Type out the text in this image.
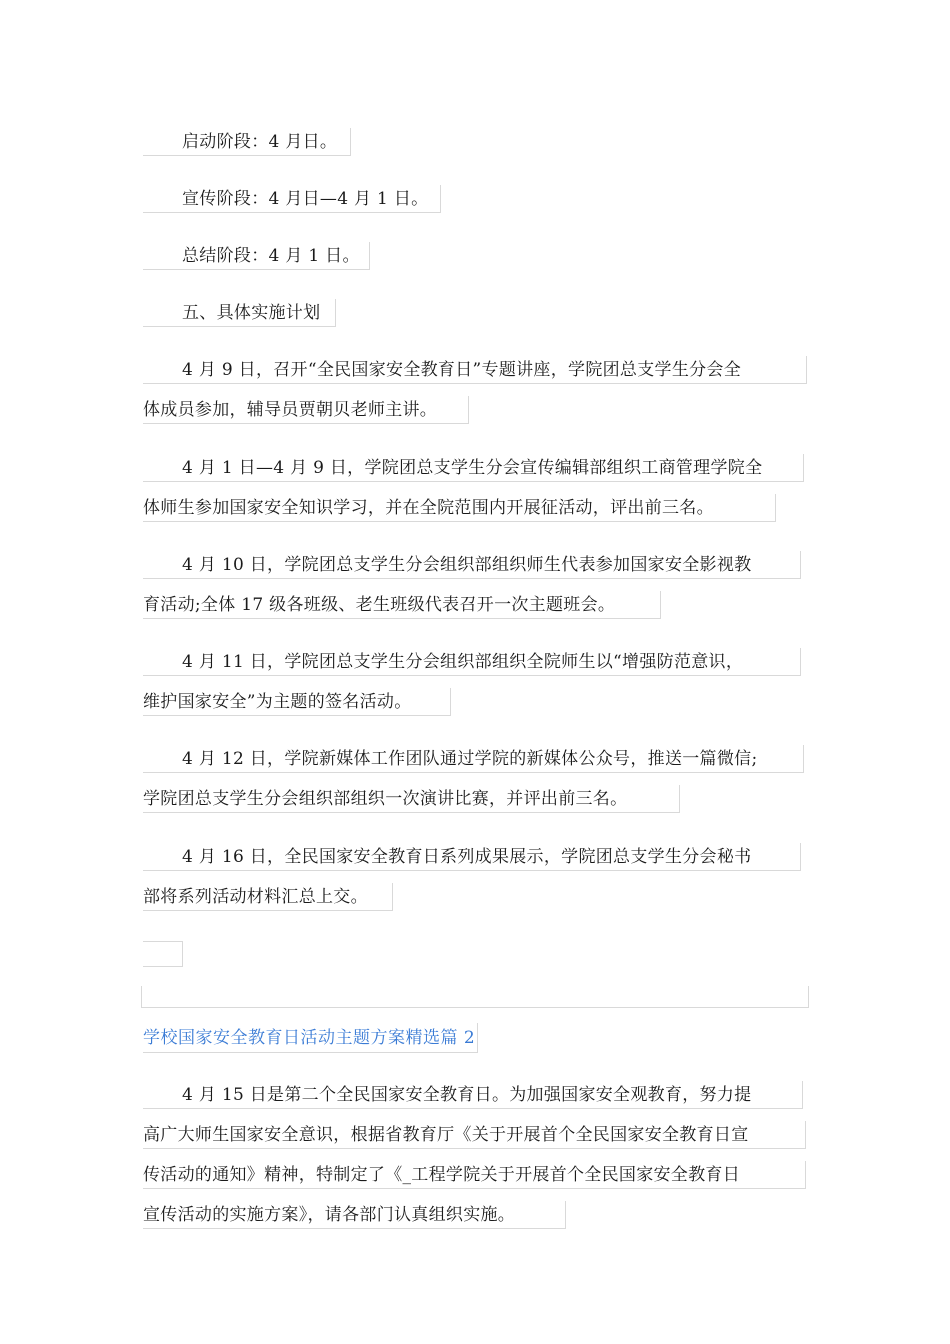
启动阶段：4 月日。
宣传阶段：4 月日—4 月 1 日。
总结阶段：4 月 1 日。
五、具体实施计划
4 月 9 日，召开“全民国家安全教育日”专题讲座，学院团总支学生分会全
体成员参加，辅导员贾朝贝老师主讲。
4 月 1 日—4 月 9 日，学院团总支学生分会宣传编辑部组织工商管理学院全
体师生参加国家安全知识学习，并在全院范围内开展征活动，评出前三名。
4 月 10 日，学院团总支学生分会组织部组织师生代表参加国家安全影视教
育活动;全体 17 级各班级、老生班级代表召开一次主题班会。
4 月 11 日，学院团总支学生分会组织部组织全院师生以“增强防范意识，
维护国家安全”为主题的签名活动。
4 月 12 日，学院新媒体工作团队通过学院的新媒体公众号，推送一篇微信;
学院团总支学生分会组织部组织一次演讲比赛，并评出前三名。
4 月 16 日，全民国家安全教育日系列成果展示，学院团总支学生分会秘书
部将系列活动材料汇总上交。
学校国家安全教育日活动主题方案精选篇 2
4 月 15 日是第二个全民国家安全教育日。为加强国家安全观教育，努力提
高广大师生国家安全意识，根据省教育厅《关于开展首个全民国家安全教育日宣
传活动的通知》精神，特制定了《_工程学院关于开展首个全民国家安全教育日
宣传活动的实施方案》，请各部门认真组织实施。
